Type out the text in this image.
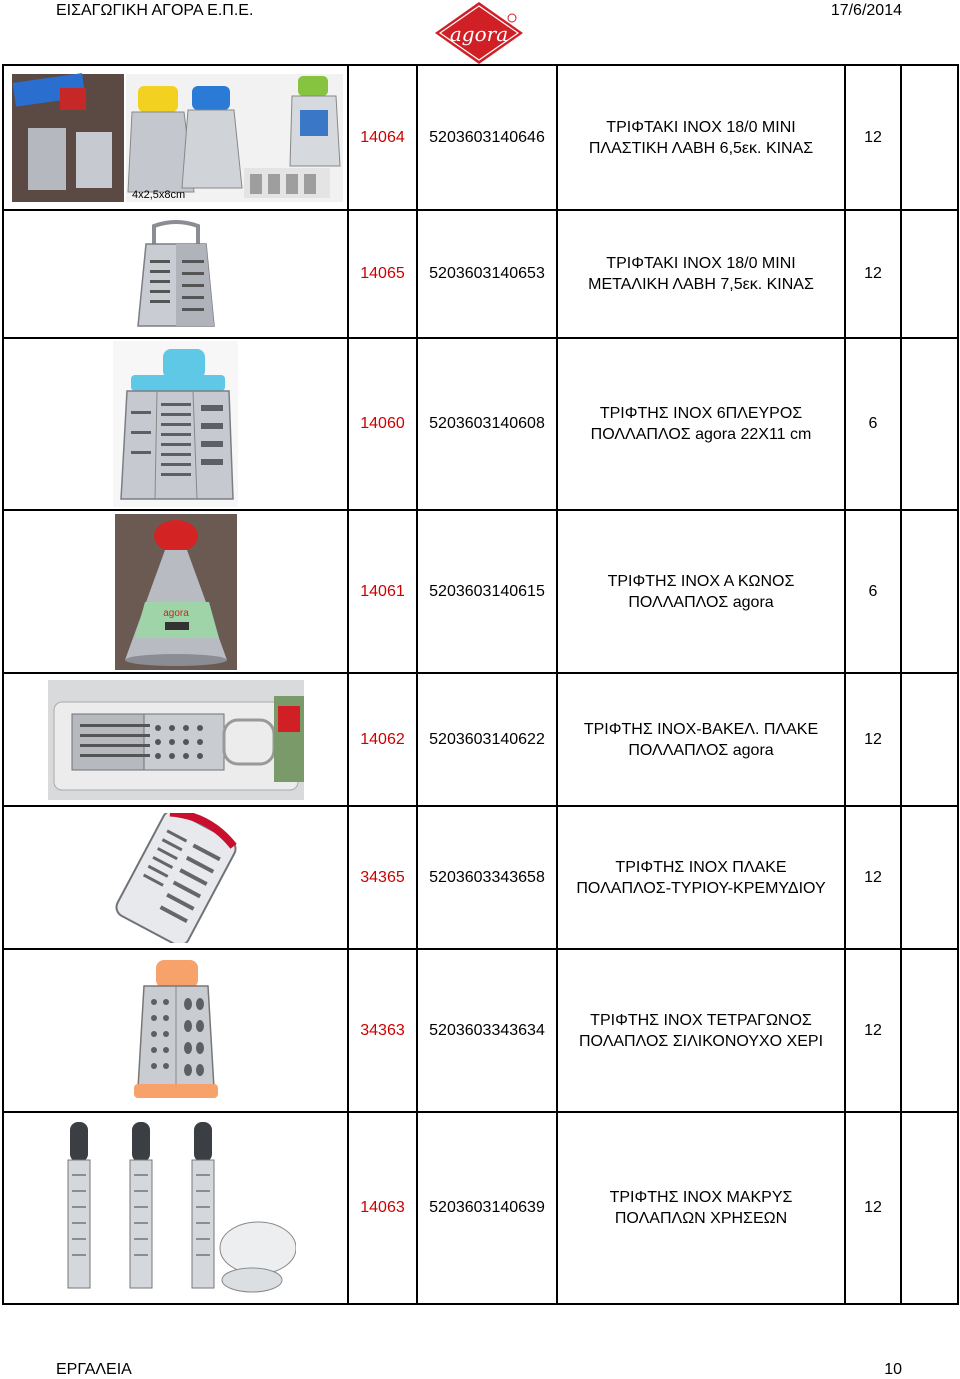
ΕΙΣΑΓΩΓΙΚΗ ΑΓΟΡΑ Ε.Π.Ε.
agora
17/6/2014
4x2,5x8cm	14064	5203603140646	ΤΡΙΦΤΑΚΙ ΙΝΟΧ 18/0 ΜΙΝΙ
ΠΛΑΣΤΙΚΗ ΛΑΒΗ 6,5εκ. ΚΙΝΑΣ	12	

	14065	5203603140653	ΤΡΙΦΤΑΚΙ ΙΝΟΧ 18/0 ΜΙΝΙ
ΜΕΤΑΛΙΚΗ ΛΑΒΗ 7,5εκ. ΚΙΝΑΣ	12	

	14060	5203603140608	ΤΡΙΦΤΗΣ ΙΝΟΧ 6ΠΛΕΥΡΟΣ
ΠΟΛΛΑΠΛΟΣ agora 22X11 cm	6	

agora	14061	5203603140615	ΤΡΙΦΤΗΣ ΙΝΟΧ Α ΚΩΝΟΣ
ΠΟΛΛΑΠΛΟΣ agora	6	

	14062	5203603140622	ΤΡΙΦΤΗΣ ΙΝΟΧ-ΒΑΚΕΛ. ΠΛΑΚΕ
ΠΟΛΛΑΠΛΟΣ agora	12	

	34365	5203603343658	ΤΡΙΦΤΗΣ ΙΝΟΧ ΠΛΑΚΕ
ΠΟΛΑΠΛΟΣ-ΤΥΡΙΟΥ-ΚΡΕΜΥΔΙΟΥ	12	

	34363	5203603343634	ΤΡΙΦΤΗΣ ΙΝΟΧ ΤΕΤΡΑΓΩΝΟΣ
ΠΟΛΑΠΛΟΣ ΣΙΛΙΚΟΝΟΥΧΟ ΧΕΡΙ	12	

	14063	5203603140639	ΤΡΙΦΤΗΣ ΙΝΟΧ ΜΑΚΡΥΣ
ΠΟΛΑΠΛΩΝ ΧΡΗΣΕΩΝ	12	
ΕΡΓΑΛΕΙΑ	10
